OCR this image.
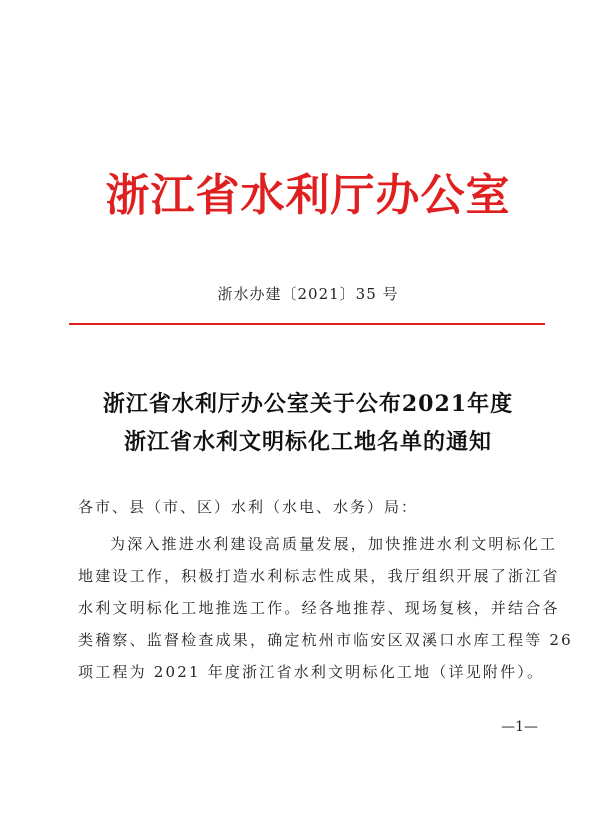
浙江省水利厅办公室
浙水办建〔2021〕35 号
浙江省水利厅办公室关于公布2021年度
浙江省水利文明标化工地名单的通知
各市、县（市、区）水利（水电、水务）局：
为深入推进水利建设高质量发展，加快推进水利文明标化工
地建设工作，积极打造水利标志性成果，我厅组织开展了浙江省
水利文明标化工地推选工作。经各地推荐、现场复核，并结合各
类稽察、监督检查成果，确定杭州市临安区双溪口水库工程等 26
项工程为 2021 年度浙江省水利文明标化工地（详见附件）。
—1—
